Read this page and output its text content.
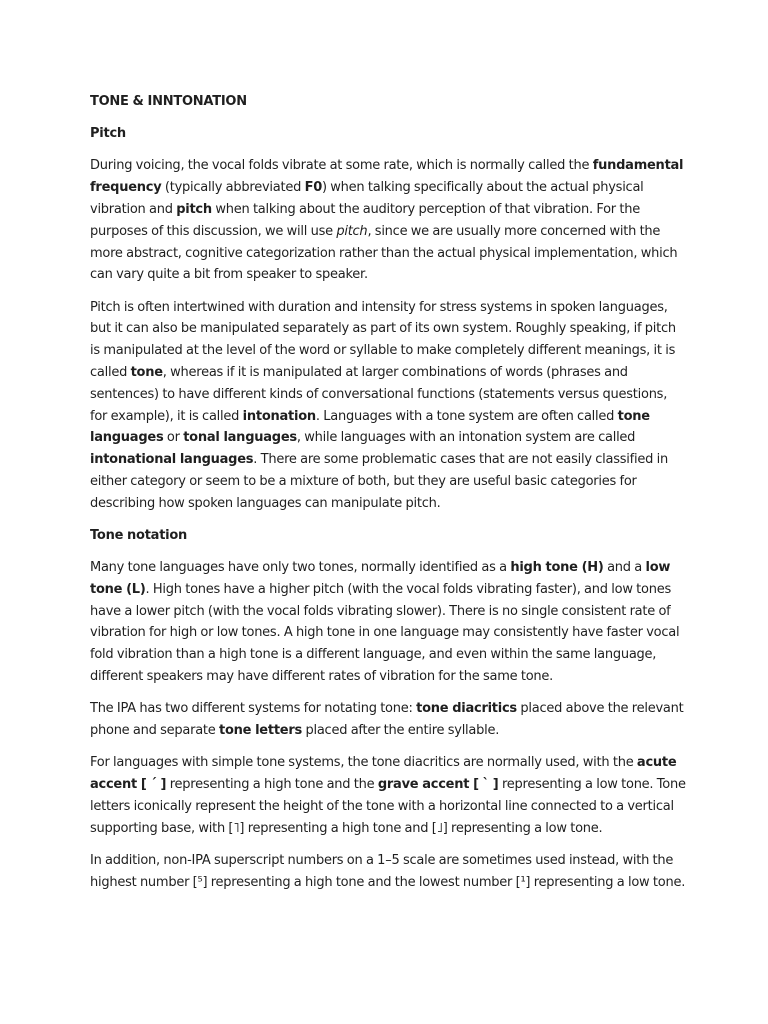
TONE & INNTONATION
Pitch

During voicing, the vocal folds vibrate at some rate, which is normally called the fundamental frequency (typically abbreviated F0) when talking specifically about the actual physical vibration and pitch when talking about the auditory perception of that vibration. For the purposes of this discussion, we will use pitch, since we are usually more concerned with the more abstract, cognitive categorization rather than the actual physical implementation, which can vary quite a bit from speaker to speaker.

Pitch is often intertwined with duration and intensity for stress systems in spoken languages, but it can also be manipulated separately as part of its own system. Roughly speaking, if pitch is manipulated at the level of the word or syllable to make completely different meanings, it is called tone, whereas if it is manipulated at larger combinations of words (phrases and sentences) to have different kinds of conversational functions (statements versus questions, for example), it is called intonation. Languages with a tone system are often called tone languages or tonal languages, while languages with an intonation system are called intonational languages. There are some problematic cases that are not easily classified in either category or seem to be a mixture of both, but they are useful basic categories for describing how spoken languages can manipulate pitch.

Tone notation

Many tone languages have only two tones, normally identified as a high tone (H) and a low tone (L). High tones have a higher pitch (with the vocal folds vibrating faster), and low tones have a lower pitch (with the vocal folds vibrating slower). There is no single consistent rate of vibration for high or low tones. A high tone in one language may consistently have faster vocal fold vibration than a high tone is a different language, and even within the same language, different speakers may have different rates of vibration for the same tone.

The IPA has two different systems for notating tone: tone diacritics placed above the relevant phone and separate tone letters placed after the entire syllable.

For languages with simple tone systems, the tone diacritics are normally used, with the acute accent [ ´ ] representing a high tone and the grave accent [ ` ] representing a low tone. Tone letters iconically represent the height of the tone with a horizontal line connected to a vertical supporting base, with [˥] representing a high tone and [˩] representing a low tone.

In addition, non-IPA superscript numbers on a 1–5 scale are sometimes used instead, with the highest number [⁵] representing a high tone and the lowest number [¹] representing a low tone.
